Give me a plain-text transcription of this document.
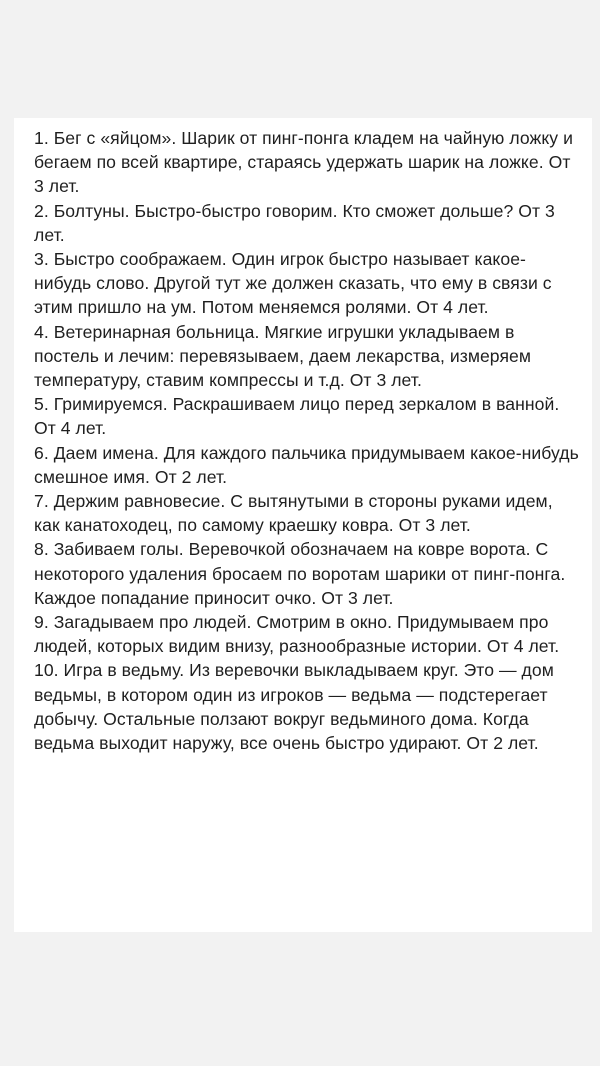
1. Бег с «яйцом». Шарик от пинг-понга кладем на чайную ложку и бегаем по всей квартире, стараясь удержать шарик на ложке. От 3 лет.

2. Болтуны. Быстро-быстро говорим. Кто сможет дольше? От 3 лет.

3. Быстро соображаем. Один игрок быстро называет какое-нибудь слово. Другой тут же должен сказать, что ему в связи с этим пришло на ум. Потом меняемся ролями. От 4 лет.

4. Ветеринарная больница. Мягкие игрушки укладываем в постель и лечим: перевязываем, даем лекарства, измеряем температуру, ставим компрессы и т.д. От 3 лет.

5. Гримируемся. Раскрашиваем лицо перед зеркалом в ванной. От 4 лет.

6. Даем имена. Для каждого пальчика придумываем какое-нибудь смешное имя. От 2 лет.

7. Держим равновесие. С вытянутыми в стороны руками идем, как канатоходец, по самому краешку ковра. От 3 лет.

8. Забиваем голы. Веревочкой обозначаем на ковре ворота. С некоторого удаления бросаем по воротам шарики от пинг-понга. Каждое попадание приносит очко. От 3 лет.

9. Загадываем про людей. Смотрим в окно. Придумываем про людей, которых видим внизу, разнообразные истории. От 4 лет.

10. Игра в ведьму. Из веревочки выкладываем круг. Это — дом ведьмы, в котором один из игроков — ведьма — подстерегает добычу. Остальные ползают вокруг ведьминого дома. Когда ведьма выходит наружу, все очень быстро удирают. От 2 лет.
